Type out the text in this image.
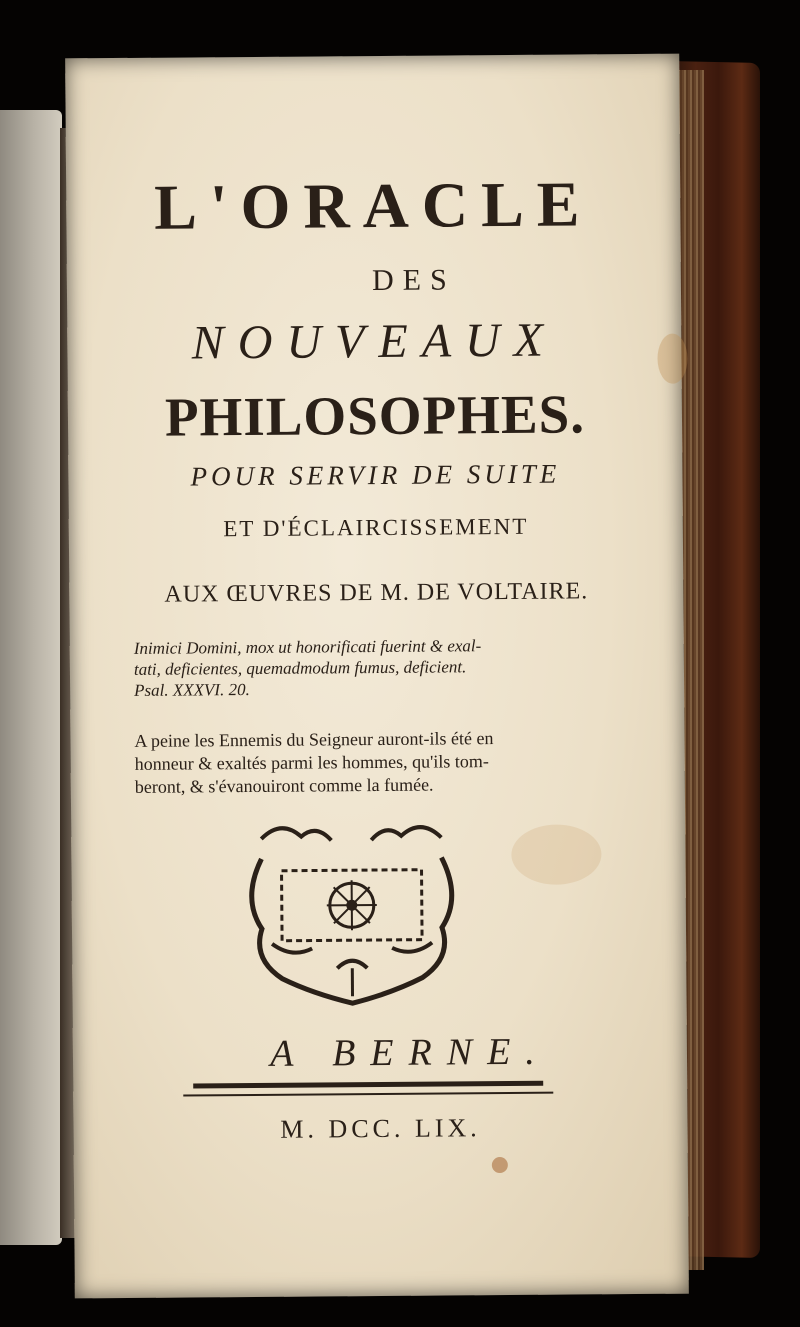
L'ORACLE
DES
NOUVEAUX
PHILOSOPHES.
POUR SERVIR DE SUITE
ET D'ÉCLAIRCISSEMENT
AUX ŒUVRES DE M. DE VOLTAIRE.
Inimici Domini, mox ut honorificati fuerint & exal-
tati, deficientes, quemadmodum fumus, deficient.
Psal. XXXVI. 20.
A peine les Ennemis du Seigneur auront-ils été en
honneur & exaltés parmi les hommes, qu'ils tom-
beront, & s'évanouiront comme la fumée.
A BERNE.
M. DCC. LIX.
